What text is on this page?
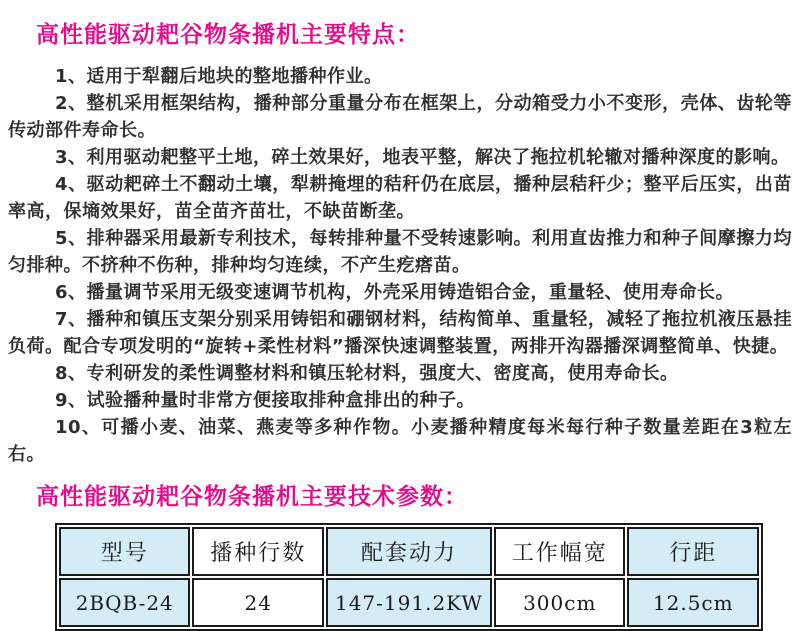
高性能驱动耙谷物条播机主要特点：

1、适用于犁翻后地块的整地播种作业。

2、整机采用框架结构，播种部分重量分布在框架上，分动箱受力小不变形，壳体、齿轮等传动部件寿命长。

3、利用驱动耙整平土地，碎土效果好，地表平整，解决了拖拉机轮辙对播种深度的影响。

4、驱动耙碎土不翻动土壤，犁耕掩埋的秸秆仍在底层，播种层秸秆少；整平后压实，出苗率高，保墒效果好，苗全苗齐苗壮，不缺苗断垄。

5、排种器采用最新专利技术，每转排种量不受转速影响。利用直齿推力和种子间摩擦力均匀排种。不挤种不伤种，排种均匀连续，不产生疙瘩苗。

6、播量调节采用无级变速调节机构，外壳采用铸造铝合金，重量轻、使用寿命长。

7、播种和镇压支架分别采用铸铝和硼钢材料，结构简单、重量轻，减轻了拖拉机液压悬挂负荷。配合专项发明的“旋转+柔性材料”播深快速调整装置，两排开沟器播深调整简单、快捷。

8、专利研发的柔性调整材料和镇压轮材料，强度大、密度高，使用寿命长。

9、试验播种量时非常方便接取排种盒排出的种子。

10、可播小麦、油菜、燕麦等多种作物。小麦播种精度每米每行种子数量差距在3粒左右。

高性能驱动耙谷物条播机主要技术参数：
型号	播种行数	配套动力	工作幅宽	行距
2BQB-24	24	147-191.2KW	300cm	12.5cm
